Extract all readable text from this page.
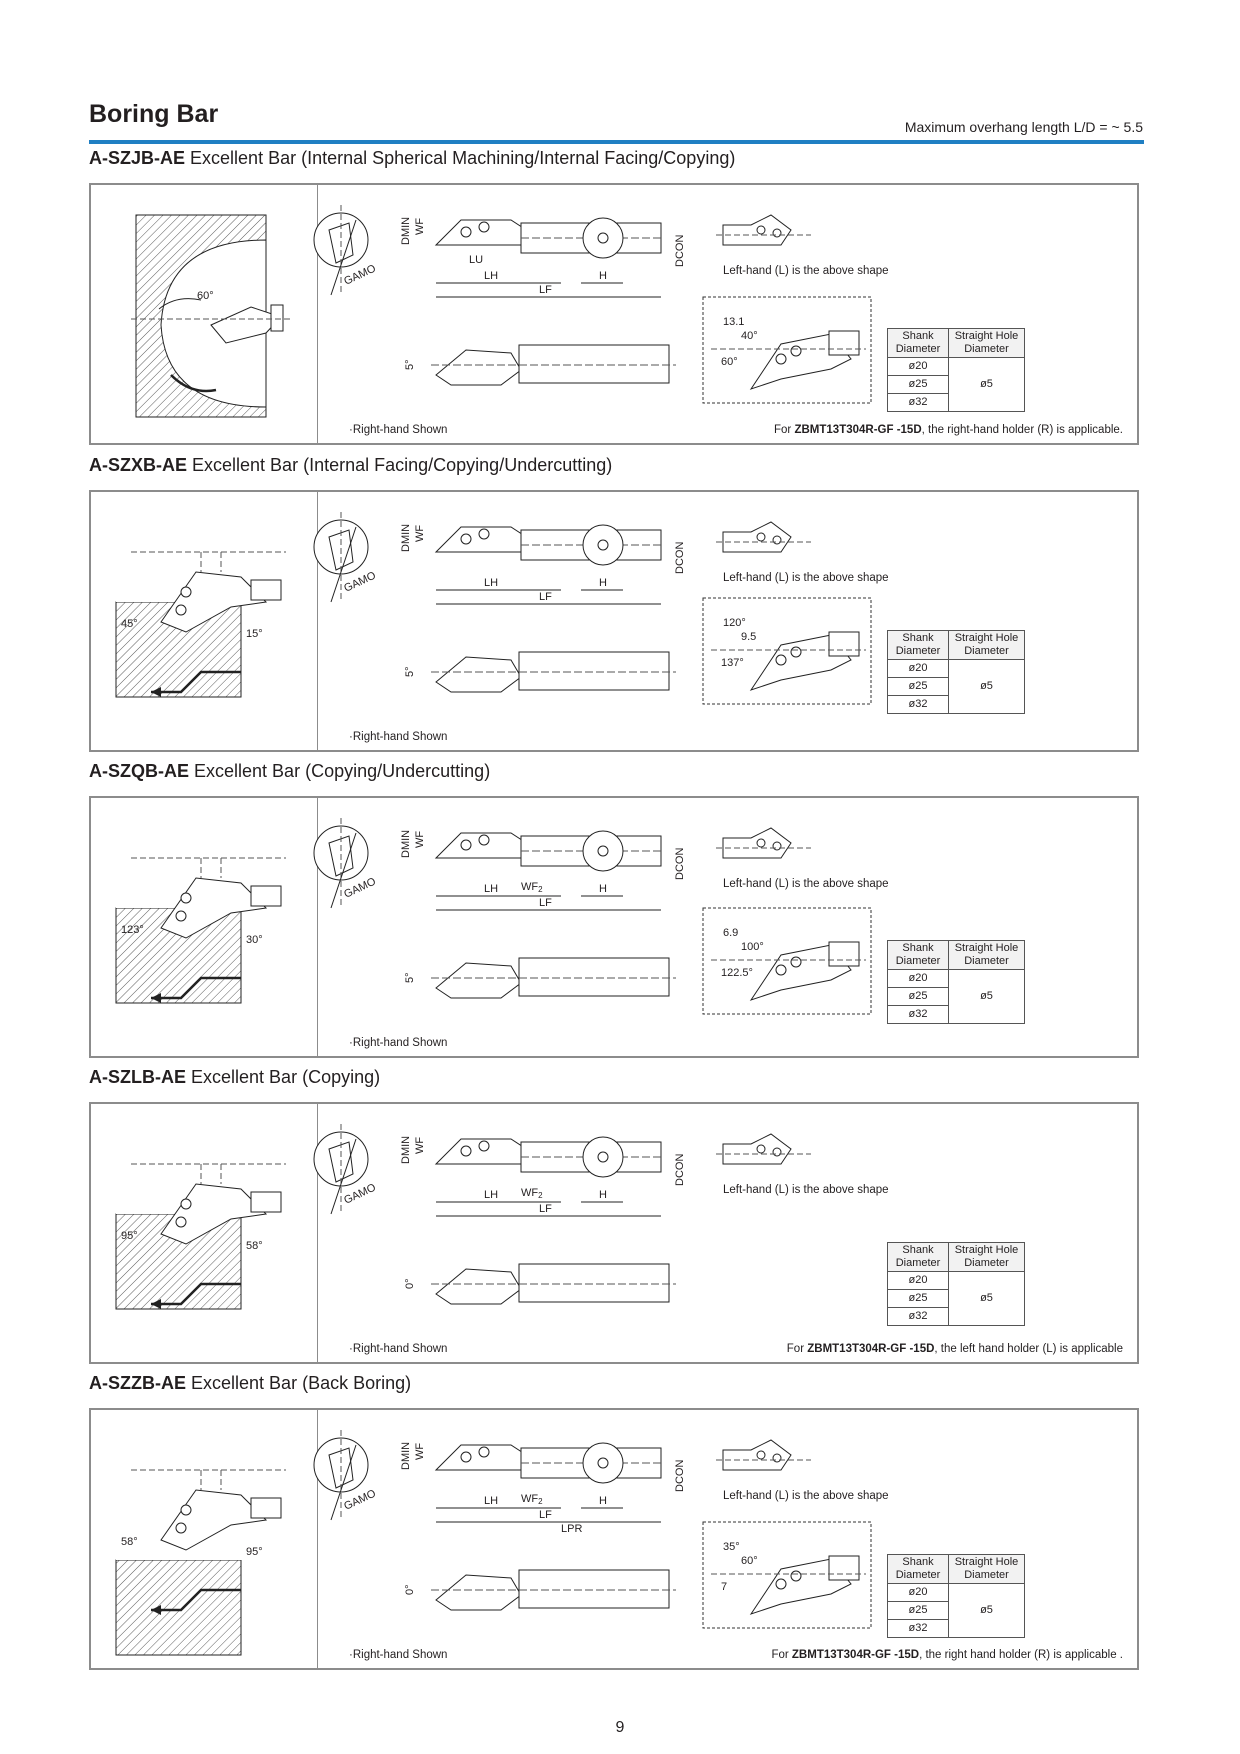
Boring Bar	Maximum overhang length L/D = ~ 5.5
A-SZJB-AE Excellent Bar (Internal Spherical Machining/Internal Facing/Copying)
60°
GAMO
DMIN WF
LU
LH
LF
H
DCON
5°
13.1
40°
60°
Left-hand (L) is the above shape
Shank Diameter	Straight Hole Diameter
ø20	ø5
ø25	
ø32	
·Right-hand Shown	For ZBMT13T304R-GF -15D, the right-hand holder (R) is applicable.
A-SZXB-AE Excellent Bar (Internal Facing/Copying/Undercutting)
45°
15°
GAMO
DMIN WF
LH
LF
H
DCON
5°
120°
9.5
137°
Left-hand (L) is the above shape
Shank Diameter	Straight Hole Diameter
ø20	ø5
ø25	
ø32	
·Right-hand Shown
A-SZQB-AE Excellent Bar (Copying/Undercutting)
123°
30°
GAMO
DMIN WF
WF2
LH
LF
H
DCON
5°
6.9
100°
122.5°
Left-hand (L) is the above shape
Shank Diameter	Straight Hole Diameter
ø20	ø5
ø25	
ø32	
·Right-hand Shown
A-SZLB-AE Excellent Bar (Copying)
95°
58°
GAMO
DMIN WF
WF2
LH
LF
H
DCON
0°
Left-hand (L) is the above shape
Shank Diameter	Straight Hole Diameter
ø20	ø5
ø25	
ø32	
·Right-hand Shown	For ZBMT13T304R-GF -15D, the left hand holder (L) is applicable
A-SZZB-AE Excellent Bar (Back Boring)
58°
95°
GAMO
DMIN WF
WF2
LH
LF
LPR
H
DCON
0°
35°
60°
7
Left-hand (L) is the above shape
Shank Diameter	Straight Hole Diameter
ø20	ø5
ø25	
ø32	
·Right-hand Shown	For ZBMT13T304R-GF -15D, the right hand holder (R) is applicable .
9
